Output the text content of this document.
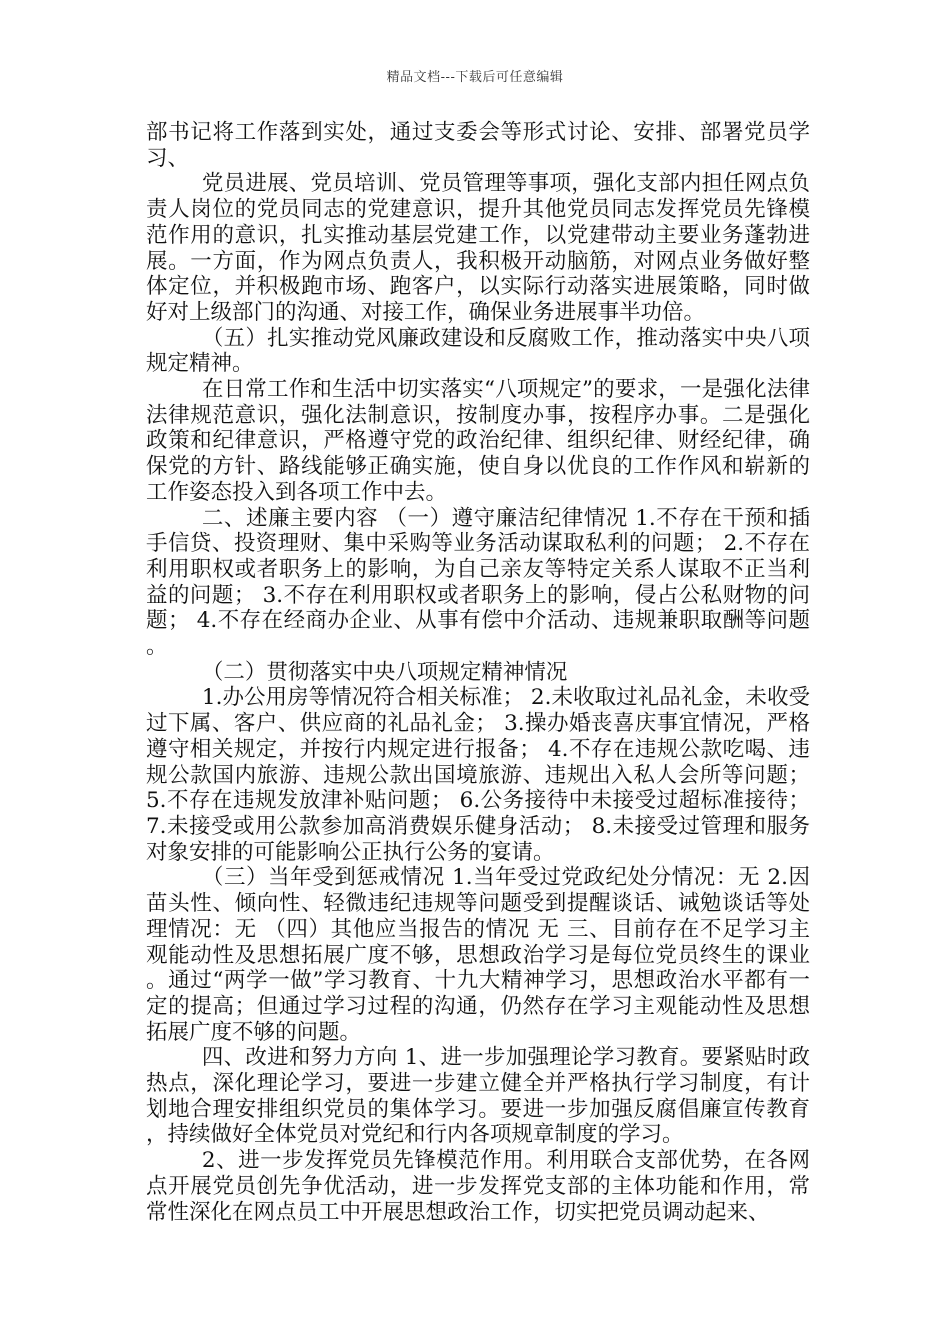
精品文档---下载后可任意编辑

部书记将工作落到实处，通过支委会等形式讨论、安排、部署党员学习、

党员进展、党员培训、党员管理等事项，强化支部内担任网点负责人岗位的党员同志的党建意识，提升其他党员同志发挥党员先锋模范作用的意识，扎实推动基层党建工作，以党建带动主要业务蓬勃进展。一方面，作为网点负责人，我积极开动脑筋，对网点业务做好整体定位，并积极跑市场、跑客户，以实际行动落实进展策略，同时做好对上级部门的沟通、对接工作，确保业务进展事半功倍。

（五）扎实推动党风廉政建设和反腐败工作，推动落实中央八项规定精神。

在日常工作和生活中切实落实“八项规定”的要求，一是强化法律法律规范意识，强化法制意识，按制度办事，按程序办事。二是强化政策和纪律意识，严格遵守党的政治纪律、组织纪律、财经纪律，确保党的方针、路线能够正确实施，使自身以优良的工作作风和崭新的工作姿态投入到各项工作中去。

二、述廉主要内容 （一）遵守廉洁纪律情况 1.不存在干预和插手信贷、投资理财、集中采购等业务活动谋取私利的问题； 2.不存在利用职权或者职务上的影响，为自己亲友等特定关系人谋取不正当利益的问题； 3.不存在利用职权或者职务上的影响，侵占公私财物的问题； 4.不存在经商办企业、从事有偿中介活动、违规兼职取酬等问题。

（二）贯彻落实中央八项规定精神情况

1.办公用房等情况符合相关标准； 2.未收取过礼品礼金，未收受过下属、客户、供应商的礼品礼金； 3.操办婚丧喜庆事宜情况，严格遵守相关规定，并按行内规定进行报备； 4.不存在违规公款吃喝、违规公款国内旅游、违规公款出国境旅游、违规出入私人会所等问题； 5.不存在违规发放津补贴问题； 6.公务接待中未接受过超标准接待； 7.未接受或用公款参加高消费娱乐健身活动； 8.未接受过管理和服务对象安排的可能影响公正执行公务的宴请。

（三）当年受到惩戒情况 1.当年受过党政纪处分情况：无 2.因苗头性、倾向性、轻微违纪违规等问题受到提醒谈话、诫勉谈话等处理情况：无 （四）其他应当报告的情况 无 三、目前存在不足学习主观能动性及思想拓展广度不够，思想政治学习是每位党员终生的课业。通过“两学一做”学习教育、十九大精神学习，思想政治水平都有一定的提高；但通过学习过程的沟通，仍然存在学习主观能动性及思想拓展广度不够的问题。

四、改进和努力方向 1、进一步加强理论学习教育。要紧贴时政热点，深化理论学习，要进一步建立健全并严格执行学习制度，有计划地合理安排组织党员的集体学习。要进一步加强反腐倡廉宣传教育，持续做好全体党员对党纪和行内各项规章制度的学习。

2、进一步发挥党员先锋模范作用。利用联合支部优势，在各网点开展党员创先争优活动，进一步发挥党支部的主体功能和作用，常常性深化在网点员工中开展思想政治工作，切实把党员调动起来、
